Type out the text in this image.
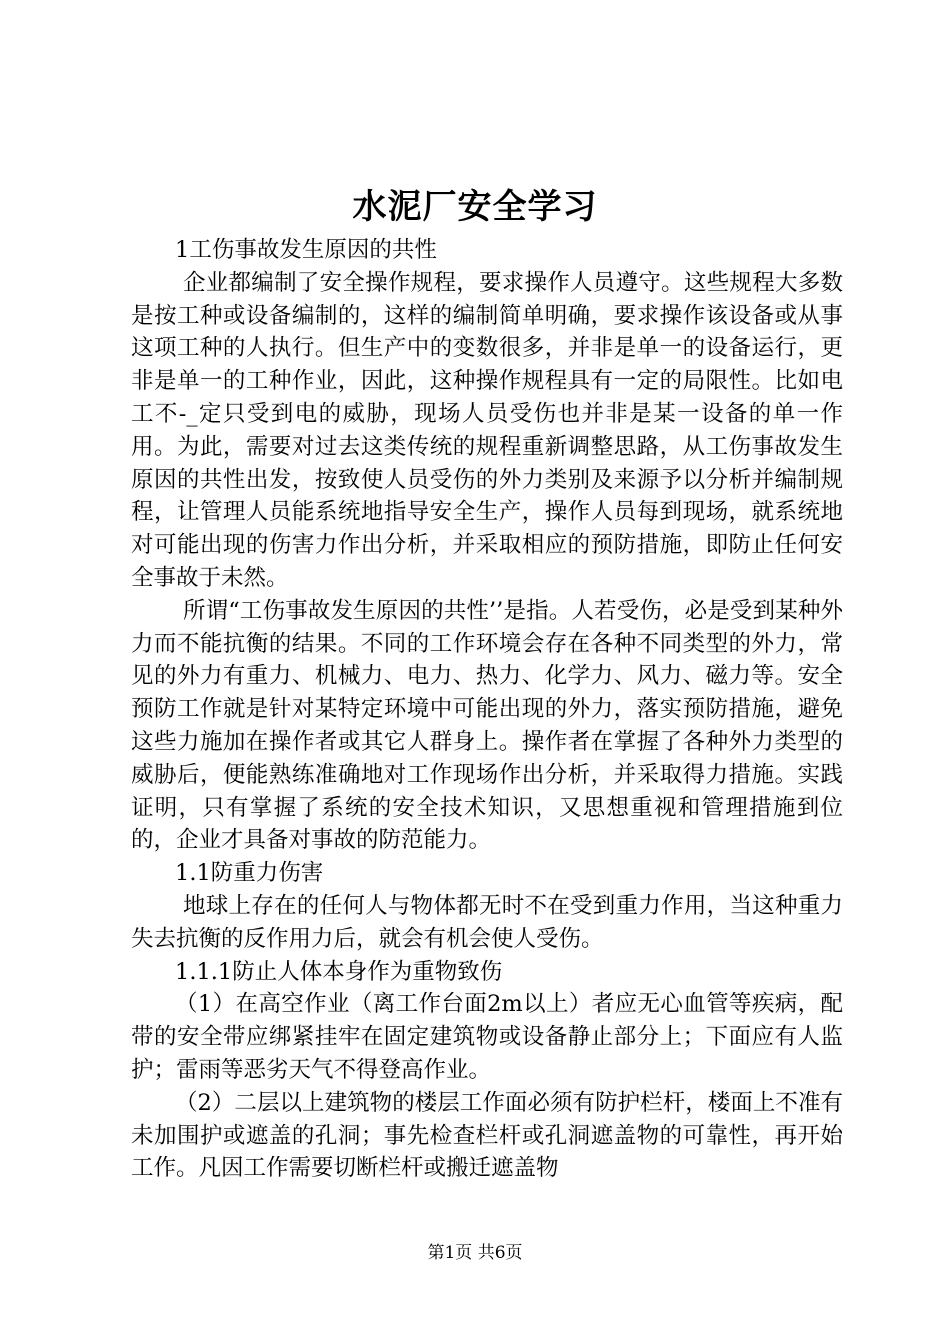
水泥厂安全学习

1工伤事故发生原因的共性

企业都编制了安全操作规程，要求操作人员遵守。这些规程大多数是按工种或设备编制的，这样的编制简单明确，要求操作该设备或从事这项工种的人执行。但生产中的变数很多，并非是单一的设备运行，更非是单一的工种作业，因此，这种操作规程具有一定的局限性。比如电工不-_定只受到电的威胁，现场人员受伤也并非是某一设备的单一作用。为此，需要对过去这类传统的规程重新调整思路，从工伤事故发生原因的共性出发，按致使人员受伤的外力类别及来源予以分析并编制规程，让管理人员能系统地指导安全生产，操作人员每到现场，就系统地对可能出现的伤害力作出分析，并采取相应的预防措施，即防止任何安全事故于未然。

所谓“工伤事故发生原因的共性’’是指。人若受伤，必是受到某种外力而不能抗衡的结果。不同的工作环境会存在各种不同类型的外力，常见的外力有重力、机械力、电力、热力、化学力、风力、磁力等。安全预防工作就是针对某特定环境中可能出现的外力，落实预防措施，避免这些力施加在操作者或其它人群身上。操作者在掌握了各种外力类型的威胁后，便能熟练准确地对工作现场作出分析，并采取得力措施。实践证明，只有掌握了系统的安全技术知识，又思想重视和管理措施到位的，企业才具备对事故的防范能力。

1.1防重力伤害

地球上存在的任何人与物体都无时不在受到重力作用，当这种重力失去抗衡的反作用力后，就会有机会使人受伤。

1.1.1防止人体本身作为重物致伤

（1）在高空作业（离工作台面2m以上）者应无心血管等疾病，配带的安全带应绑紧挂牢在固定建筑物或设备静止部分上；下面应有人监护；雷雨等恶劣天气不得登高作业。

（2）二层以上建筑物的楼层工作面必须有防护栏杆，楼面上不准有未加围护或遮盖的孔洞；事先检查栏杆或孔洞遮盖物的可靠性，再开始工作。凡因工作需要切断栏杆或搬迁遮盖物

第1页 共6页
